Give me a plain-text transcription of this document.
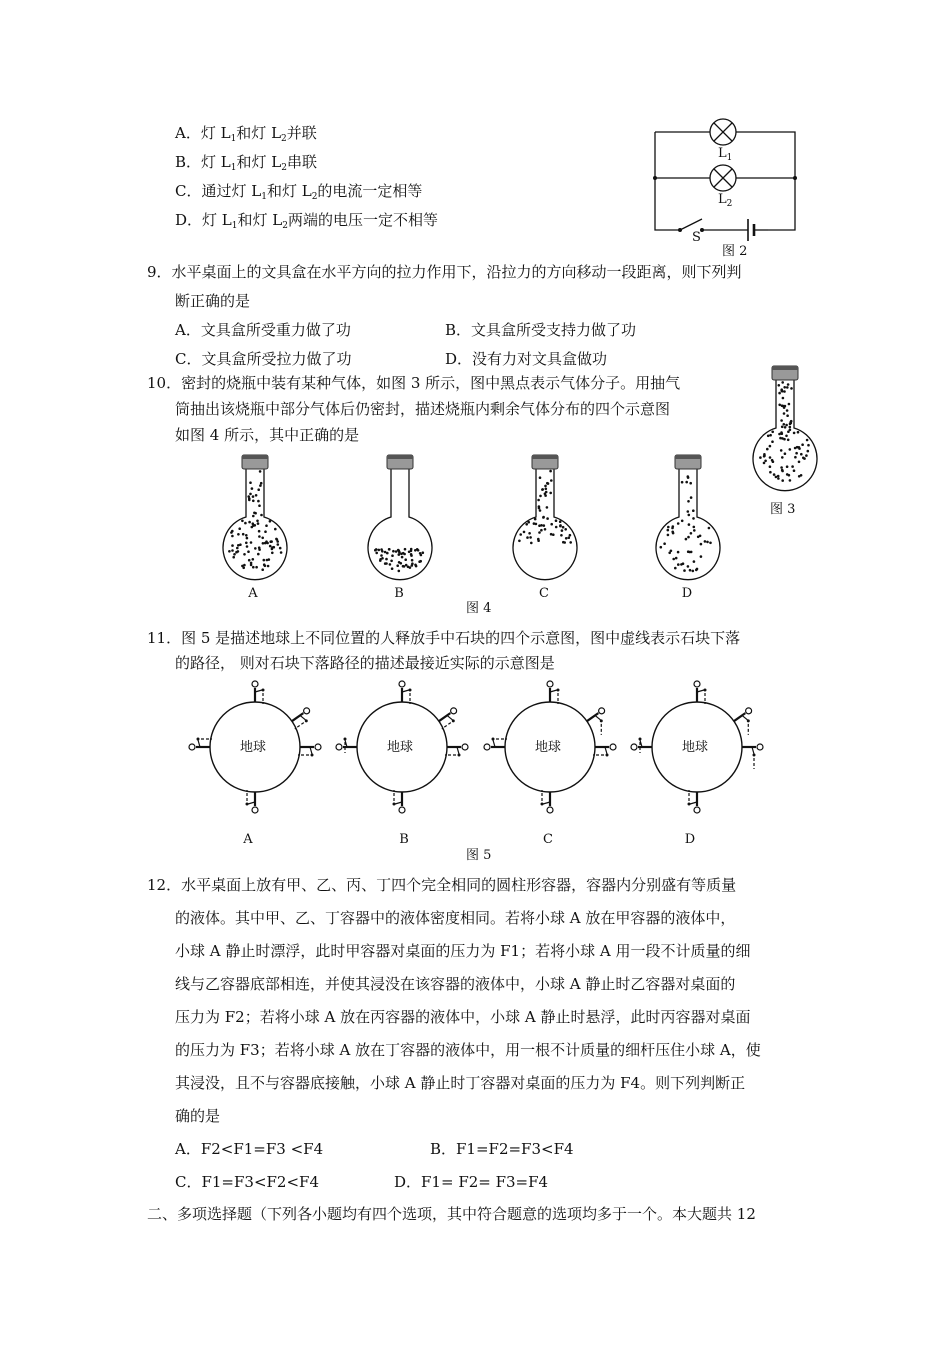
A．灯 $L_1$和灯 $L_2$并联
B．灯 $L_1$和灯 $L_2$串联
C．通过灯 $L_1$和灯 $L_2$的电流一定相等
D．灯 $L_1$和灯 $L_2$两端的电压一定不相等
$L_1$
$L_2$
S
图 2
9．水平桌面上的文具盒在水平方向的拉力作用下，沿拉力的方向移动一段距离，则下列判
断正确的是
A．文具盒所受重力做了功	B．文具盒所受支持力做了功
C．文具盒所受拉力做了功	D．没有力对文具盒做功
10．密封的烧瓶中装有某种气体，如图 3 所示，图中黑点表示气体分子。用抽气
筒抽出该烧瓶中部分气体后仍密封，描述烧瓶内剩余气体分布的四个示意图
如图 4 所示，其中正确的是
图 3
A	B	C	D
图 4
11．图 5 是描述地球上不同位置的人释放手中石块的四个示意图，图中虚线表示石块下落
的路径， 则对石块下落路径的描述最接近实际的示意图是
地球	地球	地球	地球
A	B	C	D
图 5
12．水平桌面上放有甲、乙、丙、丁四个完全相同的圆柱形容器，容器内分别盛有等质量
的液体。其中甲、乙、丁容器中的液体密度相同。若将小球 A 放在甲容器的液体中，
小球 A 静止时漂浮，此时甲容器对桌面的压力为 F1；若将小球 A 用一段不计质量的细
线与乙容器底部相连，并使其浸没在该容器的液体中，小球 A 静止时乙容器对桌面的
压力为 F2；若将小球 A 放在丙容器的液体中，小球 A 静止时悬浮，此时丙容器对桌面
的压力为 F3；若将小球 A 放在丁容器的液体中，用一根不计质量的细杆压住小球 A，使
其浸没，且不与容器底接触，小球 A 静止时丁容器对桌面的压力为 F4。则下列判断正
确的是
A．F2<F1=F3 <F4	B．F1=F2=F3<F4
C．F1=F3<F2<F4	D．F1= F2= F3=F4
二、多项选择题（下列各小题均有四个选项，其中符合题意的选项均多于一个。本大题共 12
